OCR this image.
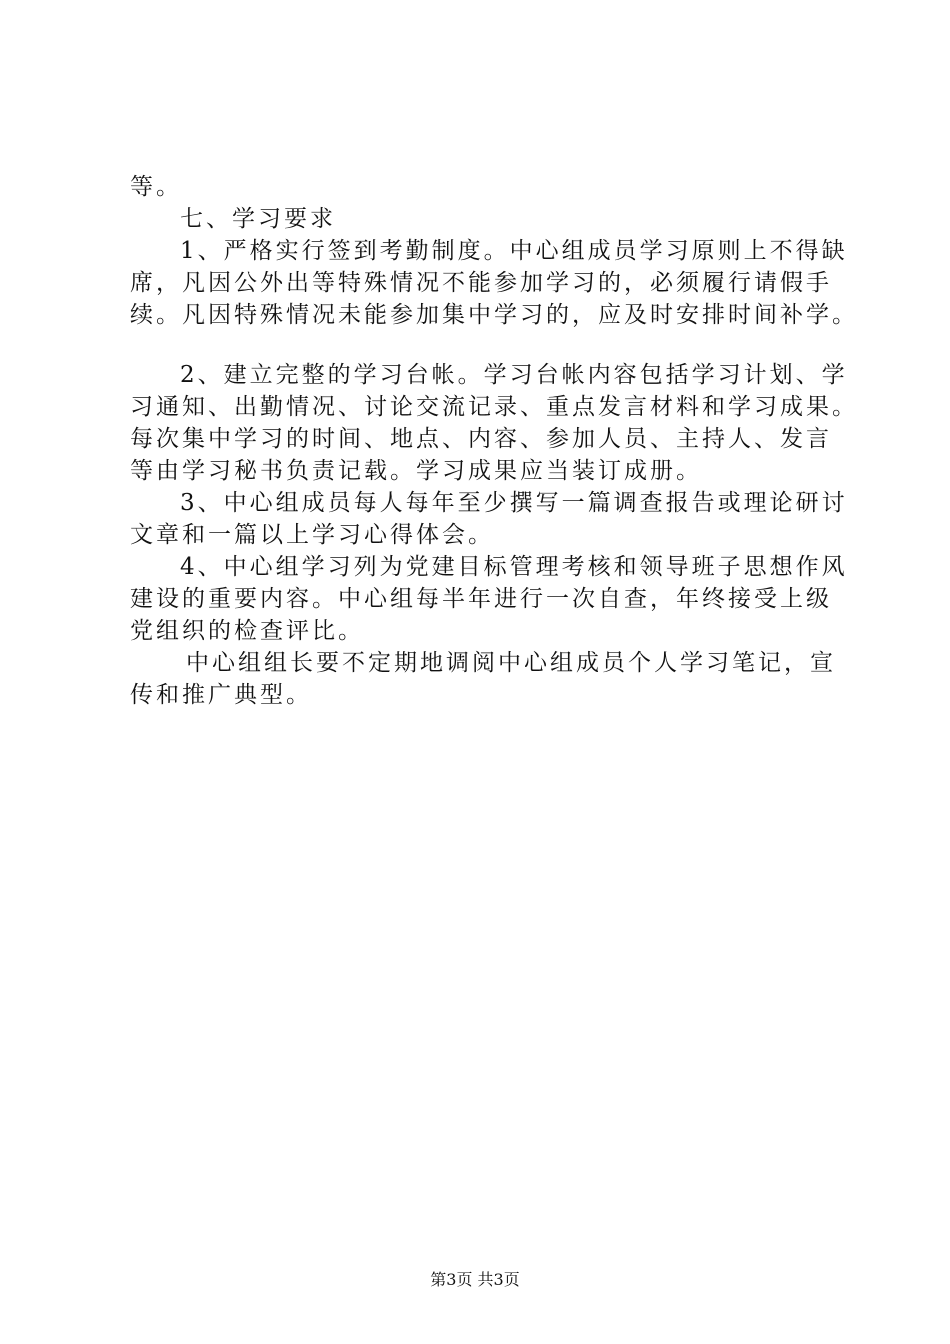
等。
七、学习要求
1、严格实行签到考勤制度。中心组成员学习原则上不得缺
席，凡因公外出等特殊情况不能参加学习的，必须履行请假手
续。凡因特殊情况未能参加集中学习的，应及时安排时间补学。
2、建立完整的学习台帐。学习台帐内容包括学习计划、学
习通知、出勤情况、讨论交流记录、重点发言材料和学习成果。
每次集中学习的时间、地点、内容、参加人员、主持人、发言
等由学习秘书负责记载。学习成果应当装订成册。
3、中心组成员每人每年至少撰写一篇调查报告或理论研讨
文章和一篇以上学习心得体会。
4、中心组学习列为党建目标管理考核和领导班子思想作风
建设的重要内容。中心组每半年进行一次自查，年终接受上级
党组织的检查评比。
中心组组长要不定期地调阅中心组成员个人学习笔记，宣
传和推广典型。
第3页 共3页
